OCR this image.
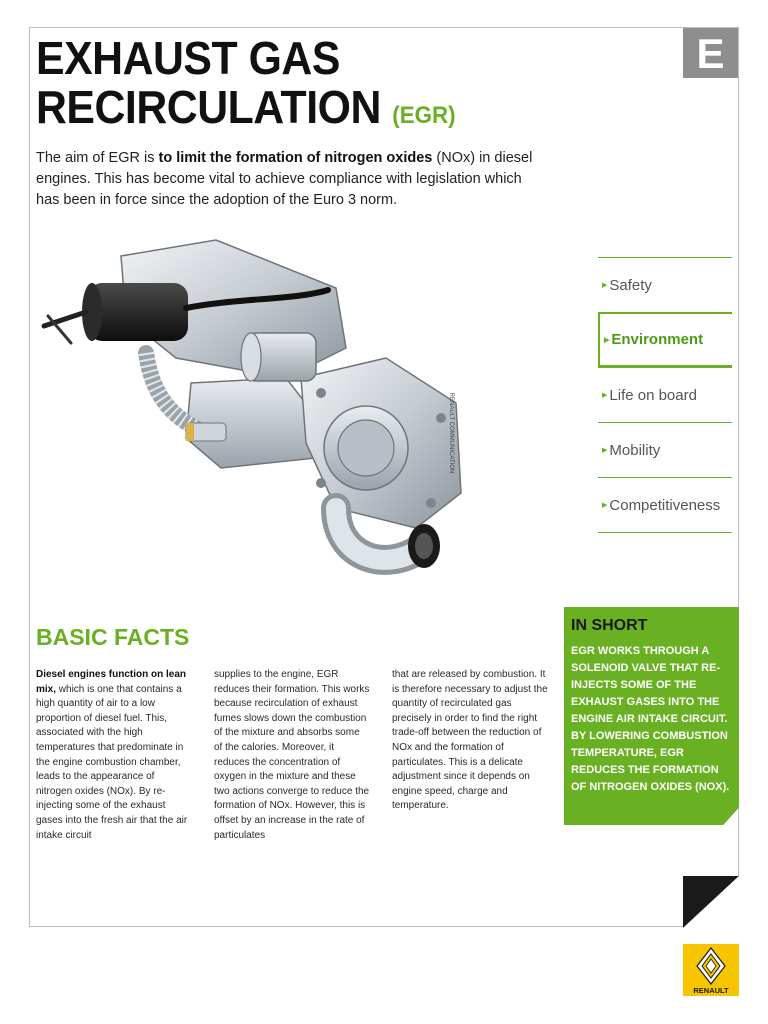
E
EXHAUST GAS
RECIRCULATION (EGR)

The aim of EGR is to limit the formation of nitrogen oxides (NOx) in diesel engines. This has become vital to achieve compliance with legislation which has been in force since the adoption of the Euro 3 norm.

RENAULT COMMUNICATION
▶ Safety
▶ Environment
▶ Life on board
▶ Mobility
▶ Competitiveness
BASIC FACTS

Diesel engines function on lean mix, which is one that contains a high quantity of air to a low proportion of diesel fuel. This, associated with the high temperatures that predominate in the engine combustion chamber, leads to the appearance of nitrogen oxides (NOx). By re-injecting some of the exhaust gases into the fresh air that the air intake circuit

supplies to the engine, EGR reduces their formation. This works because recirculation of exhaust fumes slows down the combustion of the mixture and absorbs some of the calories. Moreover, it reduces the concentration of oxygen in the mixture and these two actions converge to reduce the formation of NOx. However, this is offset by an increase in the rate of particulates

that are released by combustion. It is therefore necessary to adjust the quantity of recirculated gas precisely in order to find the right trade-off between the reduction of NOx and the formation of particulates. This is a delicate adjustment since it depends on engine speed, charge and temperature.

IN SHORT

EGR WORKS THROUGH A SOLENOID VALVE THAT RE-INJECTS SOME OF THE EXHAUST GASES INTO THE ENGINE AIR INTAKE CIRCUIT. BY LOWERING COMBUSTION TEMPERATURE, EGR REDUCES THE FORMATION OF NITROGEN OXIDES (NOX).

RENAULT
